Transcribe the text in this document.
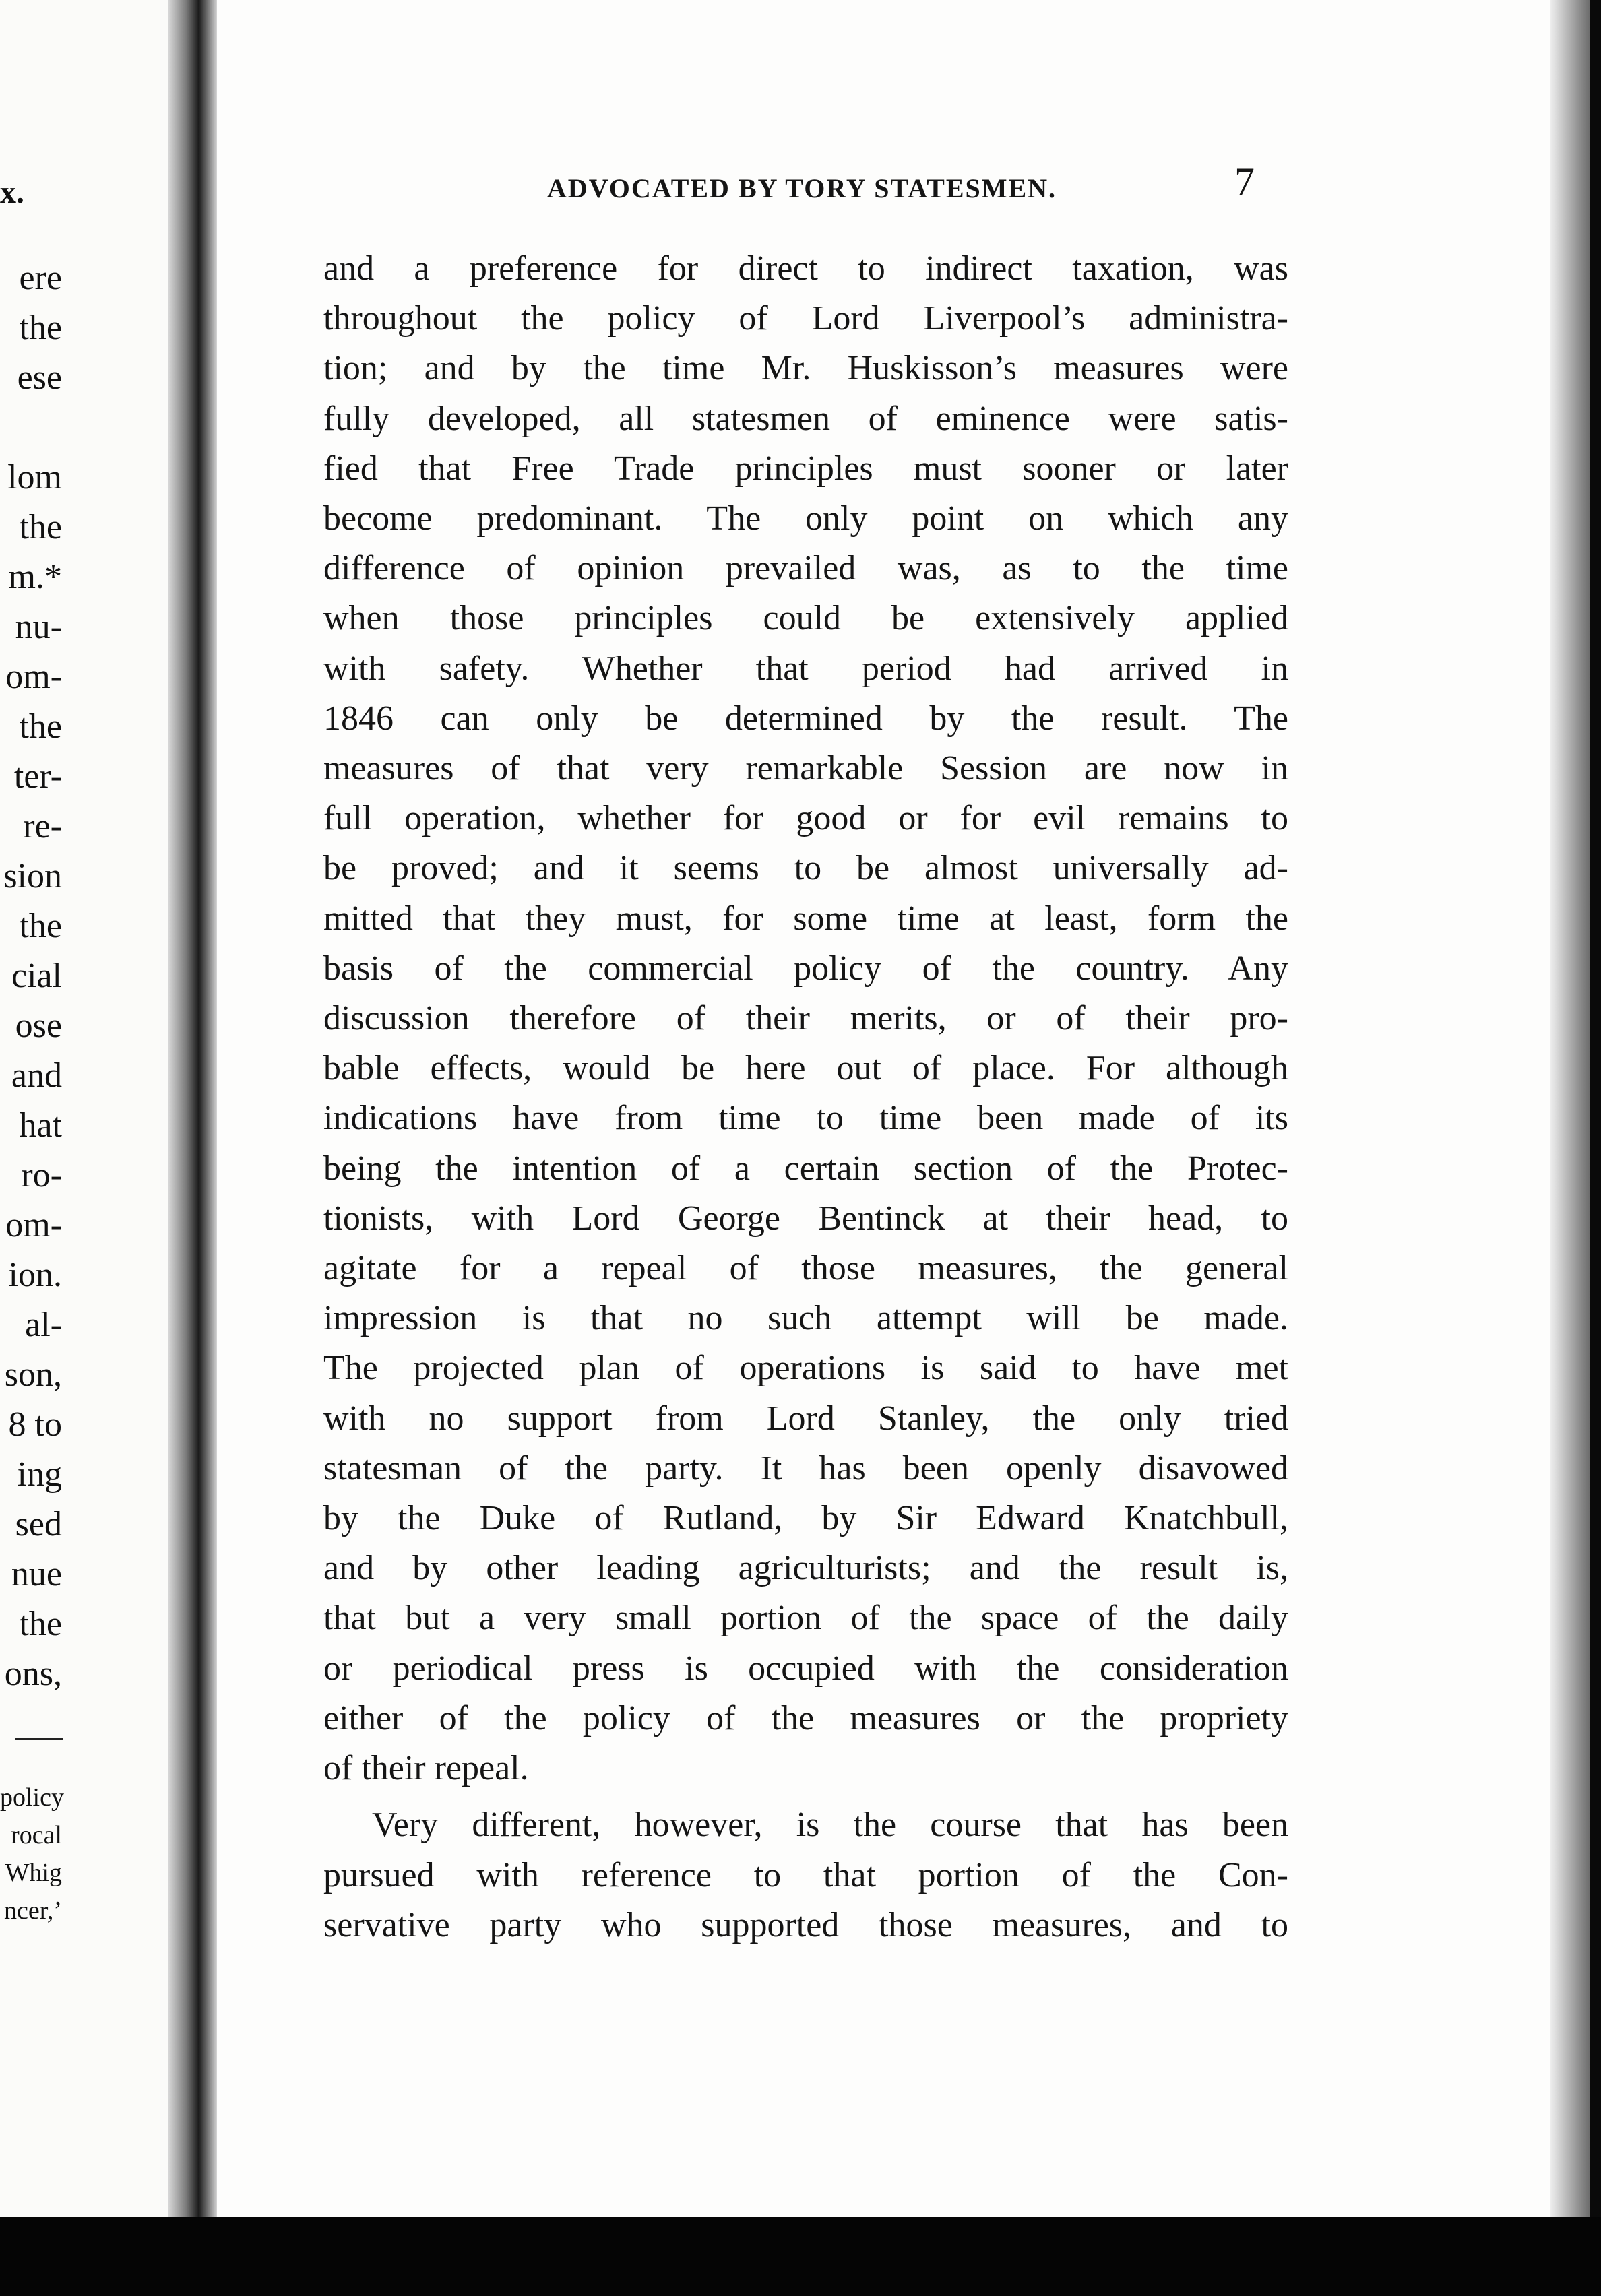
x.
ere
the
ese
lom
the
m.*
nu-
om-
the
ter-
re-
sion
the
cial
ose
and
hat
ro-
om-
ion.
al-
son,
8 to
ing
sed
nue
the
ons,
policy
rocal
Whig
ncer,’
ADVOCATED BY TORY STATESMEN.	7
and a preference for direct to indirect taxation, was
throughout the policy of Lord Liverpool’s administra-
tion; and by the time Mr. Huskisson’s measures were
fully developed, all statesmen of eminence were satis-
fied that Free Trade principles must sooner or later
become predominant. The only point on which any
difference of opinion prevailed was, as to the time
when those principles could be extensively applied
with safety. Whether that period had arrived in
1846 can only be determined by the result. The
measures of that very remarkable Session are now in
full operation, whether for good or for evil remains to
be proved; and it seems to be almost universally ad-
mitted that they must, for some time at least, form the
basis of the commercial policy of the country. Any
discussion therefore of their merits, or of their pro-
bable effects, would be here out of place. For although
indications have from time to time been made of its
being the intention of a certain section of the Protec-
tionists, with Lord George Bentinck at their head, to
agitate for a repeal of those measures, the general
impression is that no such attempt will be made.
The projected plan of operations is said to have met
with no support from Lord Stanley, the only tried
statesman of the party. It has been openly disavowed
by the Duke of Rutland, by Sir Edward Knatchbull,
and by other leading agriculturists; and the result is,
that but a very small portion of the space of the daily
or periodical press is occupied with the consideration
either of the policy of the measures or the propriety
of their repeal.
Very different, however, is the course that has been
pursued with reference to that portion of the Con-
servative party who supported those measures, and to
